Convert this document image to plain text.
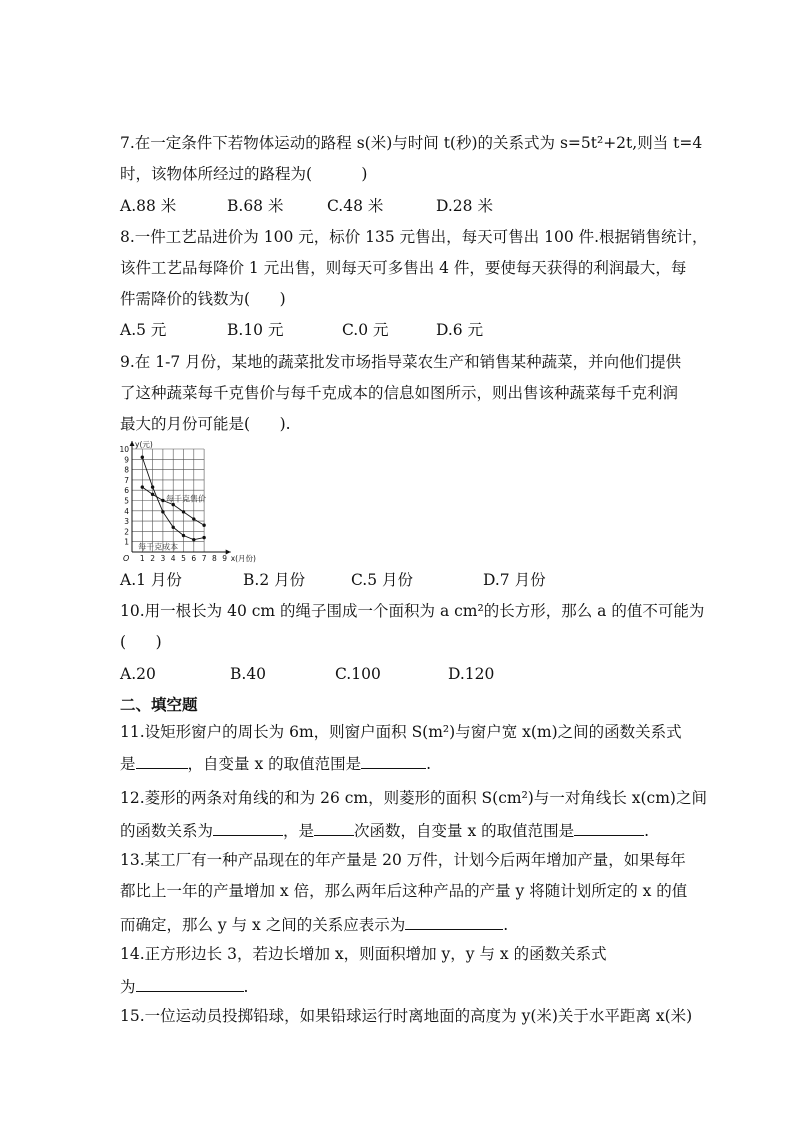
7.在一定条件下若物体运动的路程 s(米)与时间 t(秒)的关系式为 s=5t²+2t,则当 t=4
时，该物体所经过的路程为(          )
A.88 米	B.68 米	C.48 米	D.28 米
8.一件工艺品进价为 100 元，标价 135 元售出，每天可售出 100 件.根据销售统计，
该件工艺品每降价 1 元出售，则每天可多售出 4 件，要使每天获得的利润最大，每
件需降价的钱数为(      )
A.5 元	B.10 元	C.0 元	D.6 元
9.在 1-7 月份，某地的蔬菜批发市场指导菜农生产和销售某种蔬菜，并向他们提供
了这种蔬菜每千克售价与每千克成本的信息如图所示，则出售该种蔬菜每千克利润
最大的月份可能是(      ).
1 2 3 4 5 6 7 8 9
1
2
3
4
5
6
7
8
9
10
O
y(元)
x(月份)
每千克售价
每千克成本
A.1 月份	B.2 月份	C.5 月份	D.7 月份
10.用一根长为 40 cm 的绳子围成一个面积为 a cm²的长方形，那么 a 的值不可能为
(      )
A.20	B.40	C.100	D.120
二、填空题
11.设矩形窗户的周长为 6m，则窗户面积 S(m²)与窗户宽 x(m)之间的函数关系式
是	，自变量 x 的取值范围是	.
12.菱形的两条对角线的和为 26 cm，则菱形的面积 S(cm²)与一对角线长 x(cm)之间
的函数关系为	，是	次函数，自变量 x 的取值范围是	.
13.某工厂有一种产品现在的年产量是 20 万件，计划今后两年增加产量，如果每年
都比上一年的产量增加 x 倍，那么两年后这种产品的产量 y 将随计划所定的 x 的值
而确定，那么 y 与 x 之间的关系应表示为	.
14.正方形边长 3，若边长增加 x，则面积增加 y，y 与 x 的函数关系式
为	.
15.一位运动员投掷铅球，如果铅球运行时离地面的高度为 y(米)关于水平距离 x(米)
